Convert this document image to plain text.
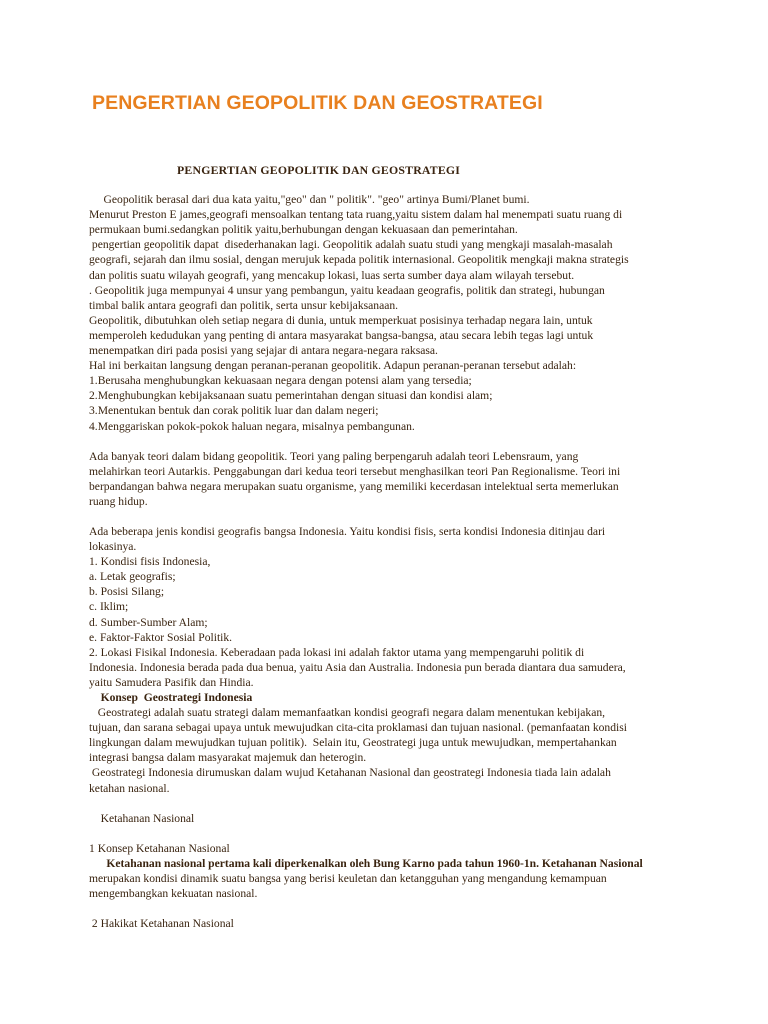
PENGERTIAN GEOPOLITIK DAN GEOSTRATEGI

PENGERTIAN GEOPOLITIK DAN GEOSTRATEGI

Geopolitik berasal dari dua kata yaitu,"geo" dan " politik". "geo" artinya Bumi/Planet bumi.

Menurut Preston E james,geografi mensoalkan tentang tata ruang,yaitu sistem dalam hal menempati suatu ruang di

permukaan bumi.sedangkan politik yaitu,berhubungan dengan kekuasaan dan pemerintahan.

pengertian geopolitik dapat  disederhanakan lagi. Geopolitik adalah suatu studi yang mengkaji masalah-masalah

geografi, sejarah dan ilmu sosial, dengan merujuk kepada politik internasional. Geopolitik mengkaji makna strategis

dan politis suatu wilayah geografi, yang mencakup lokasi, luas serta sumber daya alam wilayah tersebut.

. Geopolitik juga mempunyai 4 unsur yang pembangun, yaitu keadaan geografis, politik dan strategi, hubungan

timbal balik antara geografi dan politik, serta unsur kebijaksanaan.

Geopolitik, dibutuhkan oleh setiap negara di dunia, untuk memperkuat posisinya terhadap negara lain, untuk

memperoleh kedudukan yang penting di antara masyarakat bangsa-bangsa, atau secara lebih tegas lagi untuk

menempatkan diri pada posisi yang sejajar di antara negara-negara raksasa.

Hal ini berkaitan langsung dengan peranan-peranan geopolitik. Adapun peranan-peranan tersebut adalah:

1.Berusaha menghubungkan kekuasaan negara dengan potensi alam yang tersedia;

2.Menghubungkan kebijaksanaan suatu pemerintahan dengan situasi dan kondisi alam;

3.Menentukan bentuk dan corak politik luar dan dalam negeri;

4.Menggariskan pokok-pokok haluan negara, misalnya pembangunan.

Ada banyak teori dalam bidang geopolitik. Teori yang paling berpengaruh adalah teori Lebensraum, yang

melahirkan teori Autarkis. Penggabungan dari kedua teori tersebut menghasilkan teori Pan Regionalisme. Teori ini

berpandangan bahwa negara merupakan suatu organisme, yang memiliki kecerdasan intelektual serta memerlukan

ruang hidup.

Ada beberapa jenis kondisi geografis bangsa Indonesia. Yaitu kondisi fisis, serta kondisi Indonesia ditinjau dari

lokasinya.

1. Kondisi fisis Indonesia,

a. Letak geografis;

b. Posisi Silang;

c. Iklim;

d. Sumber-Sumber Alam;

e. Faktor-Faktor Sosial Politik.

2. Lokasi Fisikal Indonesia. Keberadaan pada lokasi ini adalah faktor utama yang mempengaruhi politik di

Indonesia. Indonesia berada pada dua benua, yaitu Asia dan Australia. Indonesia pun berada diantara dua samudera,

yaitu Samudera Pasifik dan Hindia.

Konsep  Geostrategi Indonesia

Geostrategi adalah suatu strategi dalam memanfaatkan kondisi geografi negara dalam menentukan kebijakan,

tujuan, dan sarana sebagai upaya untuk mewujudkan cita-cita proklamasi dan tujuan nasional. (pemanfaatan kondisi

lingkungan dalam mewujudkan tujuan politik).  Selain itu, Geostrategi juga untuk mewujudkan, mempertahankan

integrasi bangsa dalam masyarakat majemuk dan heterogin.

Geostrategi Indonesia dirumuskan dalam wujud Ketahanan Nasional dan geostrategi Indonesia tiada lain adalah

ketahan nasional.

Ketahanan Nasional

1 Konsep Ketahanan Nasional

Ketahanan nasional pertama kali diperkenalkan oleh Bung Karno pada tahun 1960-1n. Ketahanan Nasional

merupakan kondisi dinamik suatu bangsa yang berisi keuletan dan ketangguhan yang mengandung kemampuan

mengembangkan kekuatan nasional.

2 Hakikat Ketahanan Nasional
